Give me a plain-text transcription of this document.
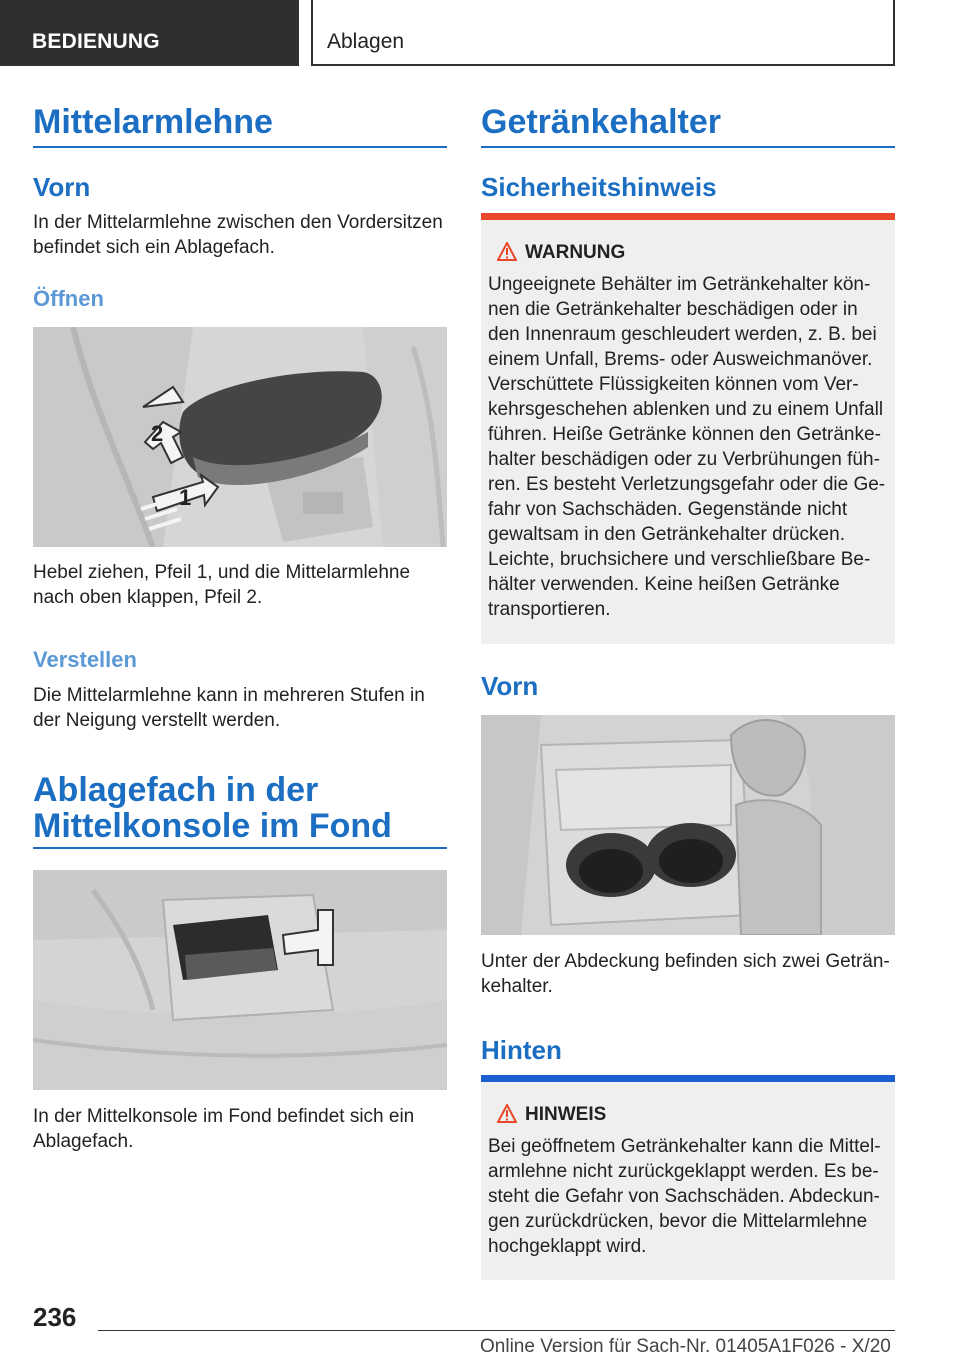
BEDIENUNG	Ablagen
Mittelarmlehne
Vorn
In der Mittelarmlehne zwischen den Vordersitzen befindet sich ein Ablagefach.
Öffnen
2
1
Hebel ziehen, Pfeil 1, und die Mittelarmlehne nach oben klappen, Pfeil 2.
Verstellen
Die Mittelarmlehne kann in mehreren Stufen in der Neigung verstellt werden.
Ablagefach in der
Mittelkonsole im Fond
In der Mittelkonsole im Fond befindet sich ein Ablagefach.
Getränkehalter
Sicherheitshinweis
WARNUNG
Ungeeignete Behälter im Getränkehalter kön-
nen die Getränkehalter beschädigen oder in
den Innenraum geschleudert werden, z. B. bei
einem Unfall, Brems- oder Ausweichmanöver.
Verschüttete Flüssigkeiten können vom Ver-
kehrsgeschehen ablenken und zu einem Unfall
führen. Heiße Getränke können den Getränke-
halter beschädigen oder zu Verbrühungen füh-
ren. Es besteht Verletzungsgefahr oder die Ge-
fahr von Sachschäden. Gegenstände nicht
gewaltsam in den Getränkehalter drücken.
Leichte, bruchsichere und verschließbare Be-
hälter verwenden. Keine heißen Getränke
transportieren.
Vorn
Unter der Abdeckung befinden sich zwei Geträn-
kehalter.
Hinten
HINWEIS
Bei geöffnetem Getränkehalter kann die Mittel-
armlehne nicht zurückgeklappt werden. Es be-
steht die Gefahr von Sachschäden. Abdeckun-
gen zurückdrücken, bevor die Mittelarmlehne
hochgeklappt wird.
236
Online Version für Sach-Nr. 01405A1F026 - X/20
